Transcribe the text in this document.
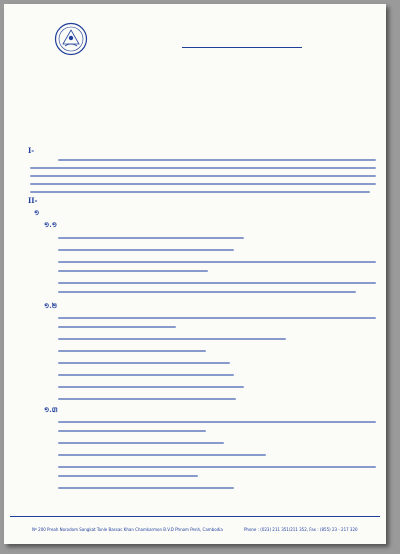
I-
II-
១
១.១
១.២
១.៣
Nº 200 Preah Norodom Sangkat Tonle Bassac Khan Chamkarmon B.V.D Phnom Penh, Cambodia	Phone : (023) 211 351/211 352, Fax : (855) 23 - 217 320
